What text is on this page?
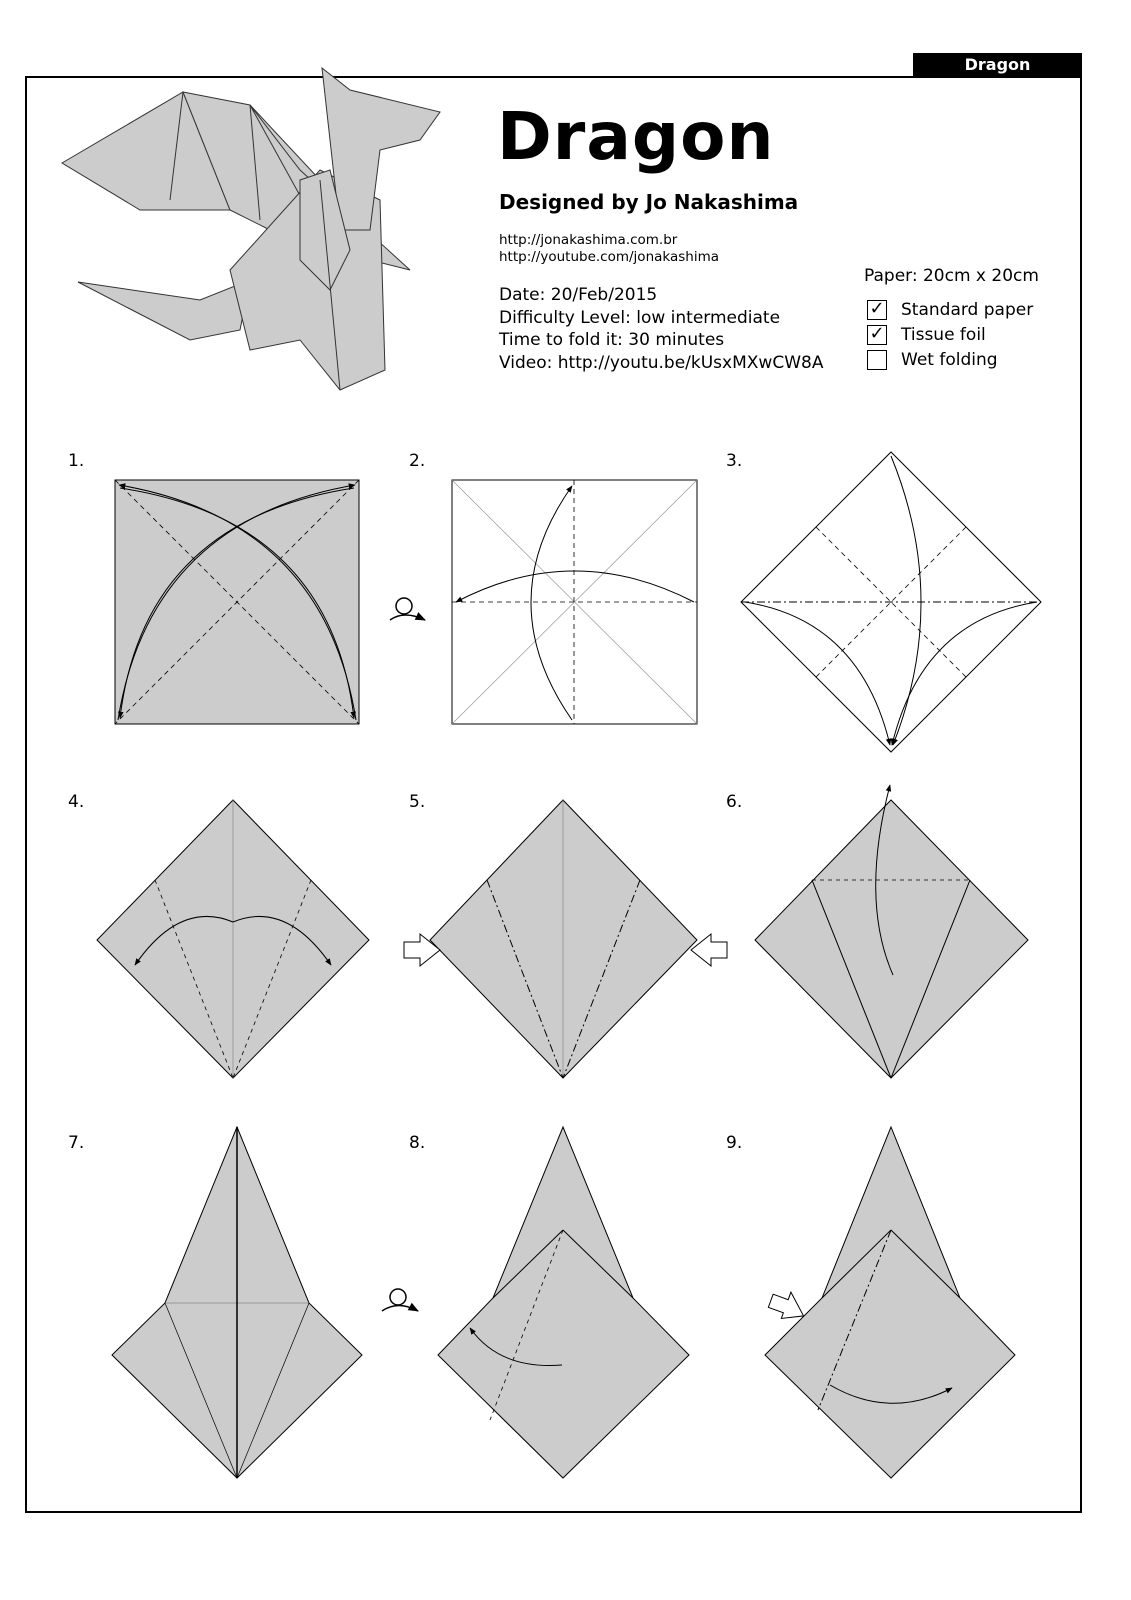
Dragon
Dragon
Designed by Jo Nakashima
http://jonakashima.com.br
http://youtube.com/jonakashima
Date: 20/Feb/2015
Difficulty Level: low intermediate
Time to fold it: 30 minutes
Video: http://youtu.be/kUsxMXwCW8A
Paper: 20cm x 20cm
✓ Standard paper
✓ Tissue foil
Wet folding
1.	2.	3.
4.	5.	6.
7.	8.	9.
